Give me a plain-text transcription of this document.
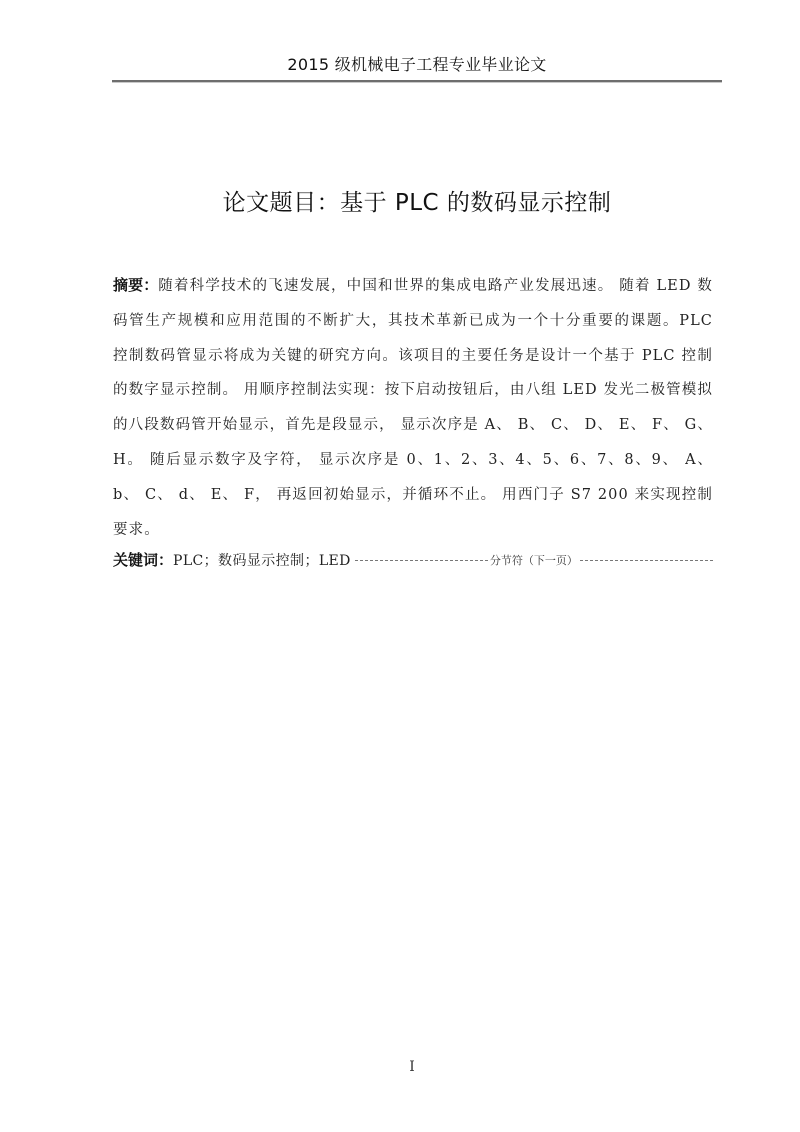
2015 级机械电子工程专业毕业论文
论文题目：基于 PLC 的数码显示控制
摘要：随着科学技术的飞速发展，中国和世界的集成电路产业发展迅速。 随着 LED 数码管生产规模和应用范围的不断扩大，其技术革新已成为一个十分重要的课题。PLC 控制数码管显示将成为关键的研究方向。该项目的主要任务是设计一个基于 PLC 控制的数字显示控制。 用顺序控制法实现：按下启动按钮后，由八组 LED 发光二极管模拟的八段数码管开始显示，首先是段显示， 显示次序是 A、 B、 C、 D、 E、 F、 G、 H。 随后显示数字及字符， 显示次序是 0、1、2、3、4、5、6、7、8、9、 A、 b、 C、 d、 E、 F， 再返回初始显示，并循环不止。 用西门子 S7 200 来实现控制要求。
关键词： PLC；数码显示控制；LED	分节符（下一页）
I
